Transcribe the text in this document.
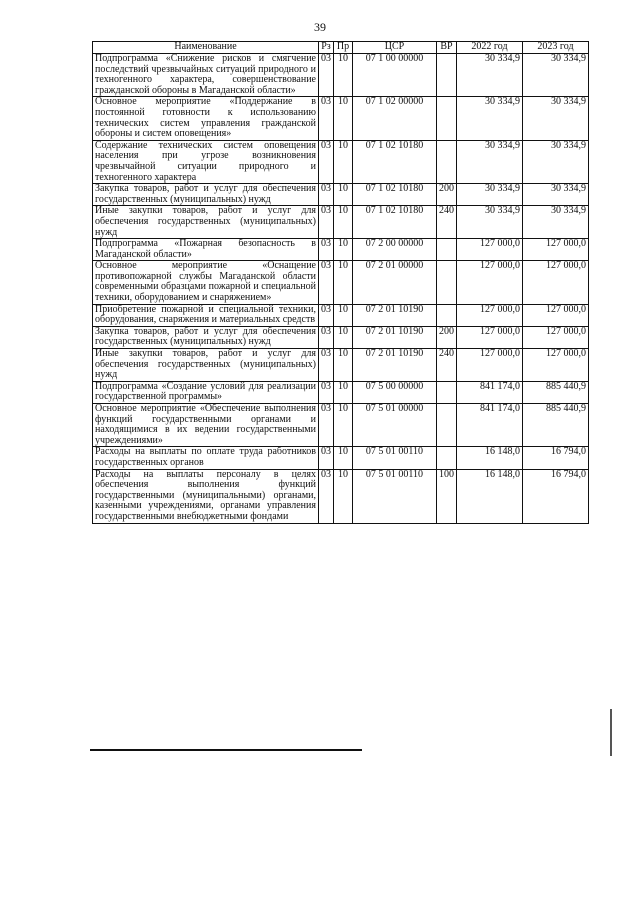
39
Наименование	Рз	Пр	ЦСР	ВР	2022 год	2023 год
Подпрограмма «Снижение рисков и смягчение последствий чрезвычайных ситуаций природного и техногенного характера, совершенствование гражданской обороны в Магаданской области»	03	10	07 1 00 00000		30 334,9	30 334,9
Основное мероприятие «Поддержание в постоянной готовности к использованию технических систем управления гражданской обороны и систем оповещения»	03	10	07 1 02 00000		30 334,9	30 334,9
Содержание технических систем оповещения населения при угрозе возникновения чрезвычайной ситуации природного и техногенного характера	03	10	07 1 02 10180		30 334,9	30 334,9
Закупка товаров, работ и услуг для обеспечения государственных (муниципальных) нужд	03	10	07 1 02 10180	200	30 334,9	30 334,9
Иные закупки товаров, работ и услуг для обеспечения государственных (муниципальных) нужд	03	10	07 1 02 10180	240	30 334,9	30 334,9
Подпрограмма «Пожарная безопасность в Магаданской области»	03	10	07 2 00 00000		127 000,0	127 000,0
Основное мероприятие «Оснащение противопожарной службы Магаданской области современными образцами пожарной и специальной техники, оборудованием и снаряжением»	03	10	07 2 01 00000		127 000,0	127 000,0
Приобретение пожарной и специальной техники, оборудования, снаряжения и материальных средств	03	10	07 2 01 10190		127 000,0	127 000,0
Закупка товаров, работ и услуг для обеспечения государственных (муниципальных) нужд	03	10	07 2 01 10190	200	127 000,0	127 000,0
Иные закупки товаров, работ и услуг для обеспечения государственных (муниципальных) нужд	03	10	07 2 01 10190	240	127 000,0	127 000,0
Подпрограмма «Создание условий для реализации государственной программы»	03	10	07 5 00 00000		841 174,0	885 440,9
Основное мероприятие «Обеспечение выполнения функций государственными органами и находящимися в их ведении государственными учреждениями»	03	10	07 5 01 00000		841 174,0	885 440,9
Расходы на выплаты по оплате труда работников государственных органов	03	10	07 5 01 00110		16 148,0	16 794,0
Расходы на выплаты персоналу в целях обеспечения выполнения функций государственными (муниципальными) органами, казенными учреждениями, органами управления государственными внебюджетными фондами	03	10	07 5 01 00110	100	16 148,0	16 794,0
